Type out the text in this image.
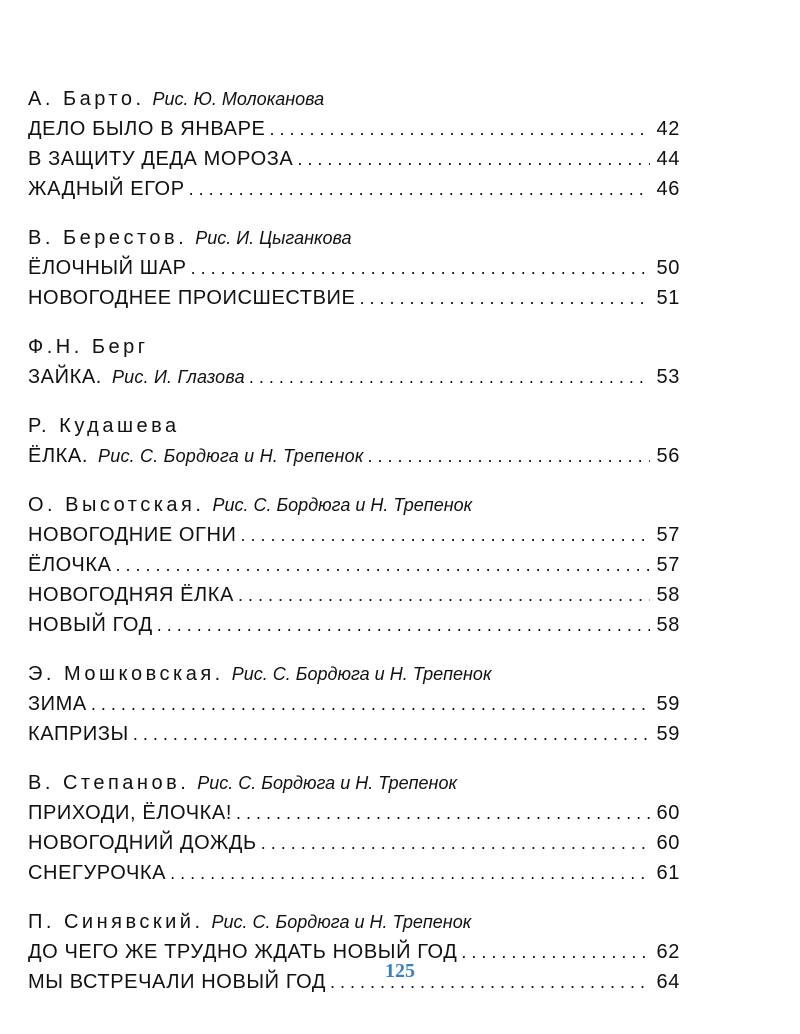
А. Барто. Рис. Ю. Молоканова
ДЕЛО БЫЛО В ЯНВАРЕ . . .	42
В ЗАЩИТУ ДЕДА МОРОЗА . . .	44
ЖАДНЫЙ ЕГОР . . .	46
В. Берестов. Рис. И. Цыганкова
ЁЛОЧНЫЙ ШАР . . .	50
НОВОГОДНЕЕ ПРОИСШЕСТВИЕ . . .	51
Ф.Н. Берг
ЗАЙКА. Рис. И. Глазова . . .	53
Р. Кудашева
ЁЛКА. Рис. С. Бордюга и Н. Трепенок . . .	56
О. Высотская. Рис. С. Бордюга и Н. Трепенок
НОВОГОДНИЕ ОГНИ . . .	57
ЁЛОЧКА . . .	57
НОВОГОДНЯЯ ЁЛКА . . .	58
НОВЫЙ ГОД . . .	58
Э. Мошковская. Рис. С. Бордюга и Н. Трепенок
ЗИМА . . .	59
КАПРИЗЫ . . .	59
В. Степанов. Рис. С. Бордюга и Н. Трепенок
ПРИХОДИ, ЁЛОЧКА! . . .	60
НОВОГОДНИЙ ДОЖДЬ . . .	60
СНЕГУРОЧКА . . .	61
П. Синявский. Рис. С. Бордюга и Н. Трепенок
ДО ЧЕГО ЖЕ ТРУДНО ЖДАТЬ НОВЫЙ ГОД . . .	62
МЫ ВСТРЕЧАЛИ НОВЫЙ ГОД . . .	64
125
